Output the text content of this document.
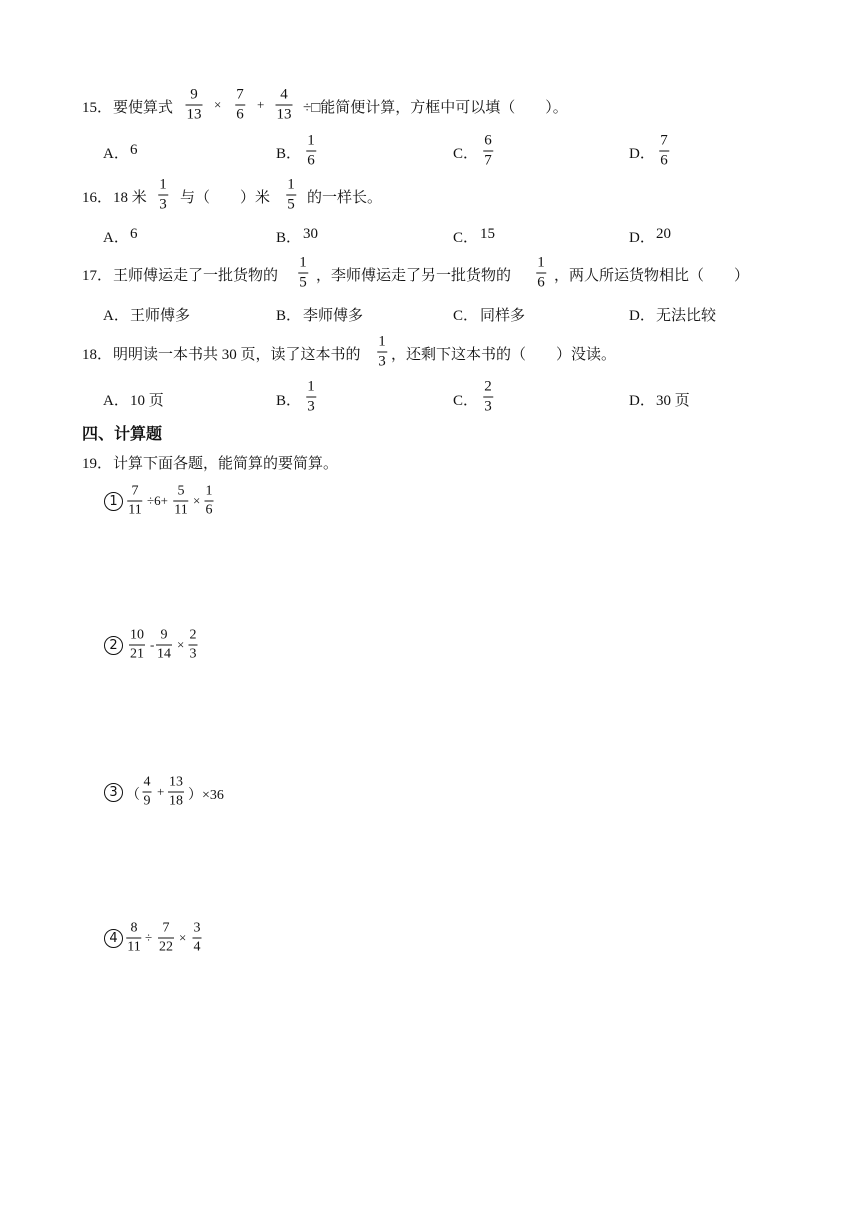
15． 要使算式
9
13
×
7
6
+
4
13 ÷□能简便计算，方框中可以填（　　）。
A． 6	B．
1
6	C．
6
7	D．
7
6
16． 18 米
1
3 与（　　）米
1
5 的一样长。
A． 6	B． 30	C． 15	D． 20
17． 王师傅运走了一批货物的
1
5 ，李师傅运走了另一批货物的
1
6 ，两人所运货物相比（　　）
A． 王师傅多	B． 李师傅多	C． 同样多	D． 无法比较
18． 明明读一本书共 30 页，读了这本书的
1
3 ，还剩下这本书的（　　）没读。
A． 10 页	B．
1
3	C．
2
3	D． 30 页
四、计算题
19． 计算下面各题，能简算的要简算。
1
7
11
÷6+
5
11
×
1
6
2
10
21
-
9
14
×
2
3
3 （
4
9
+
13
18 ）×36
4
8
11
÷
7
22
×
3
4
